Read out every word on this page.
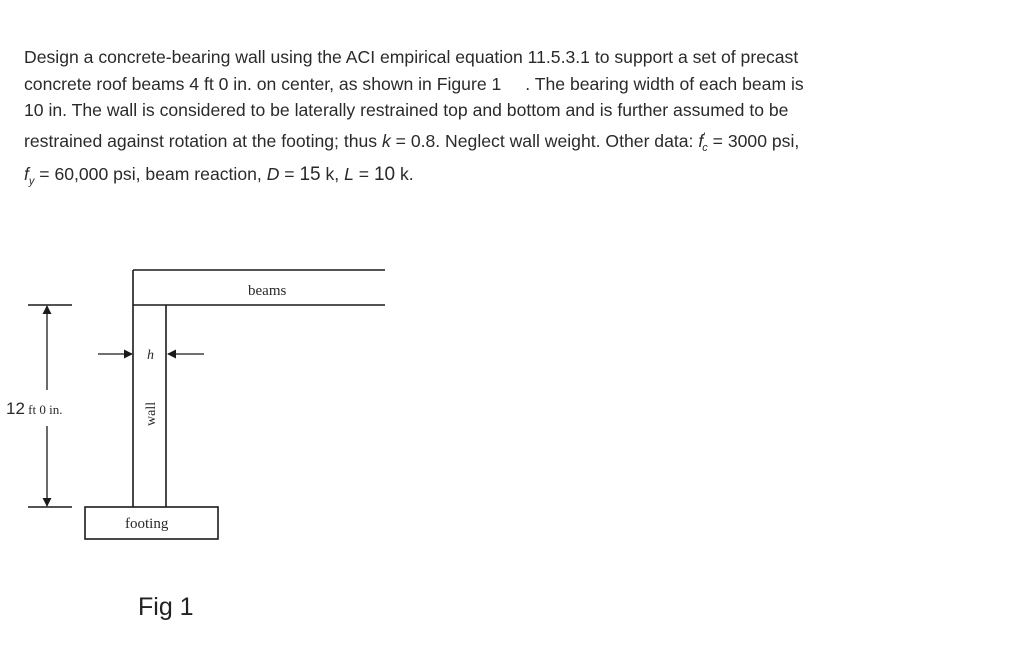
Design a concrete-bearing wall using the ACI empirical equation 11.5.3.1 to support a set of precast
concrete roof beams 4 ft 0 in. on center, as shown in Figure 1 . The bearing width of each beam is
10 in. The wall is considered to be laterally restrained top and bottom and is further assumed to be
restrained against rotation at the footing; thus k = 0.8. Neglect wall weight. Other data: $f'_c = 3000$ psi,
$f_y = 60,000$ psi, beam reaction, D = 15 k, L = 10 k.
beams
wall
h
footing
12 ft 0 in.
Fig 1
